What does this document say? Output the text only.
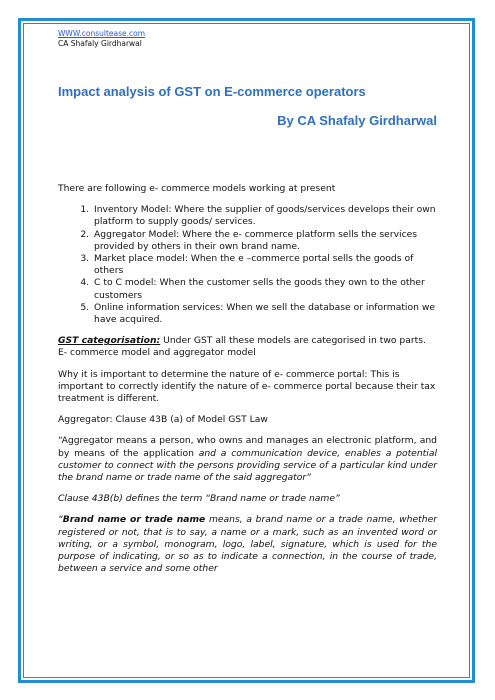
WWW.consultease.com
CA Shafaly Girdharwal
Impact analysis of GST on E-commerce operators
By CA Shafaly Girdharwal

There are following e- commerce models working at present

1. Inventory Model: Where the supplier of goods/services develops their own platform to supply goods/ services.
2. Aggregator Model: Where the e- commerce platform sells the services provided by others in their own brand name.
3. Market place model: When the e –commerce portal sells the goods of others
4. C to C model: When the customer sells the goods they own to the other customers
5. Online information services: When we sell the database or information we have acquired.

GST categorisation: Under GST all these models are categorised in two parts. E- commerce model and aggregator model

Why it is important to determine the nature of e- commerce portal: This is important to correctly identify the nature of e- commerce portal because their tax treatment is different.

Aggregator: Clause 43B (a) of Model GST Law

“Aggregator means a person, who owns and manages an electronic platform, and by means of the application and a communication device, enables a potential customer to connect with the persons providing service of a particular kind under the brand name or trade name of the said aggregator”

Clause 43B(b) defines the term “Brand name or trade name”

“Brand name or trade name means, a brand name or a trade name, whether registered or not, that is to say, a name or a mark, such as an invented word or writing, or a symbol, monogram, logo, label, signature, which is used for the purpose of indicating, or so as to indicate a connection, in the course of trade, between a service and some other
